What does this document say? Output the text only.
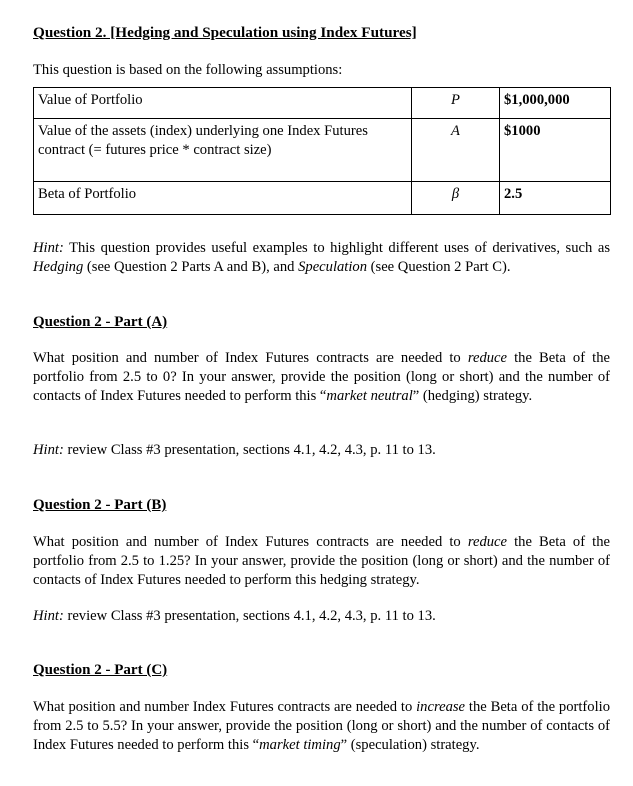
Question 2. [Hedging and Speculation using Index Futures]
This question is based on the following assumptions:
Value of Portfolio	P	$1,000,000
Value of the assets (index) underlying one Index Futures contract (= futures price * contract size)	A	$1000
Beta of Portfolio	β	2.5
Hint: This question provides useful examples to highlight different uses of derivatives, such as Hedging (see Question 2 Parts A and B), and Speculation (see Question 2 Part C).
Question 2 - Part (A)
What position and number of Index Futures contracts are needed to reduce the Beta of the portfolio from 2.5 to 0? In your answer, provide the position (long or short) and the number of contacts of Index Futures needed to perform this “market neutral” (hedging) strategy.
Hint: review Class #3 presentation, sections 4.1, 4.2, 4.3, p. 11 to 13.
Question 2 - Part (B)
What position and number of Index Futures contracts are needed to reduce the Beta of the portfolio from 2.5 to 1.25? In your answer, provide the position (long or short) and the number of contacts of Index Futures needed to perform this hedging strategy.
Hint: review Class #3 presentation, sections 4.1, 4.2, 4.3, p. 11 to 13.
Question 2 - Part (C)
What position and number Index Futures contracts are needed to increase the Beta of the portfolio from 2.5 to 5.5? In your answer, provide the position (long or short) and the number of contacts of Index Futures needed to perform this “market timing” (speculation) strategy.
